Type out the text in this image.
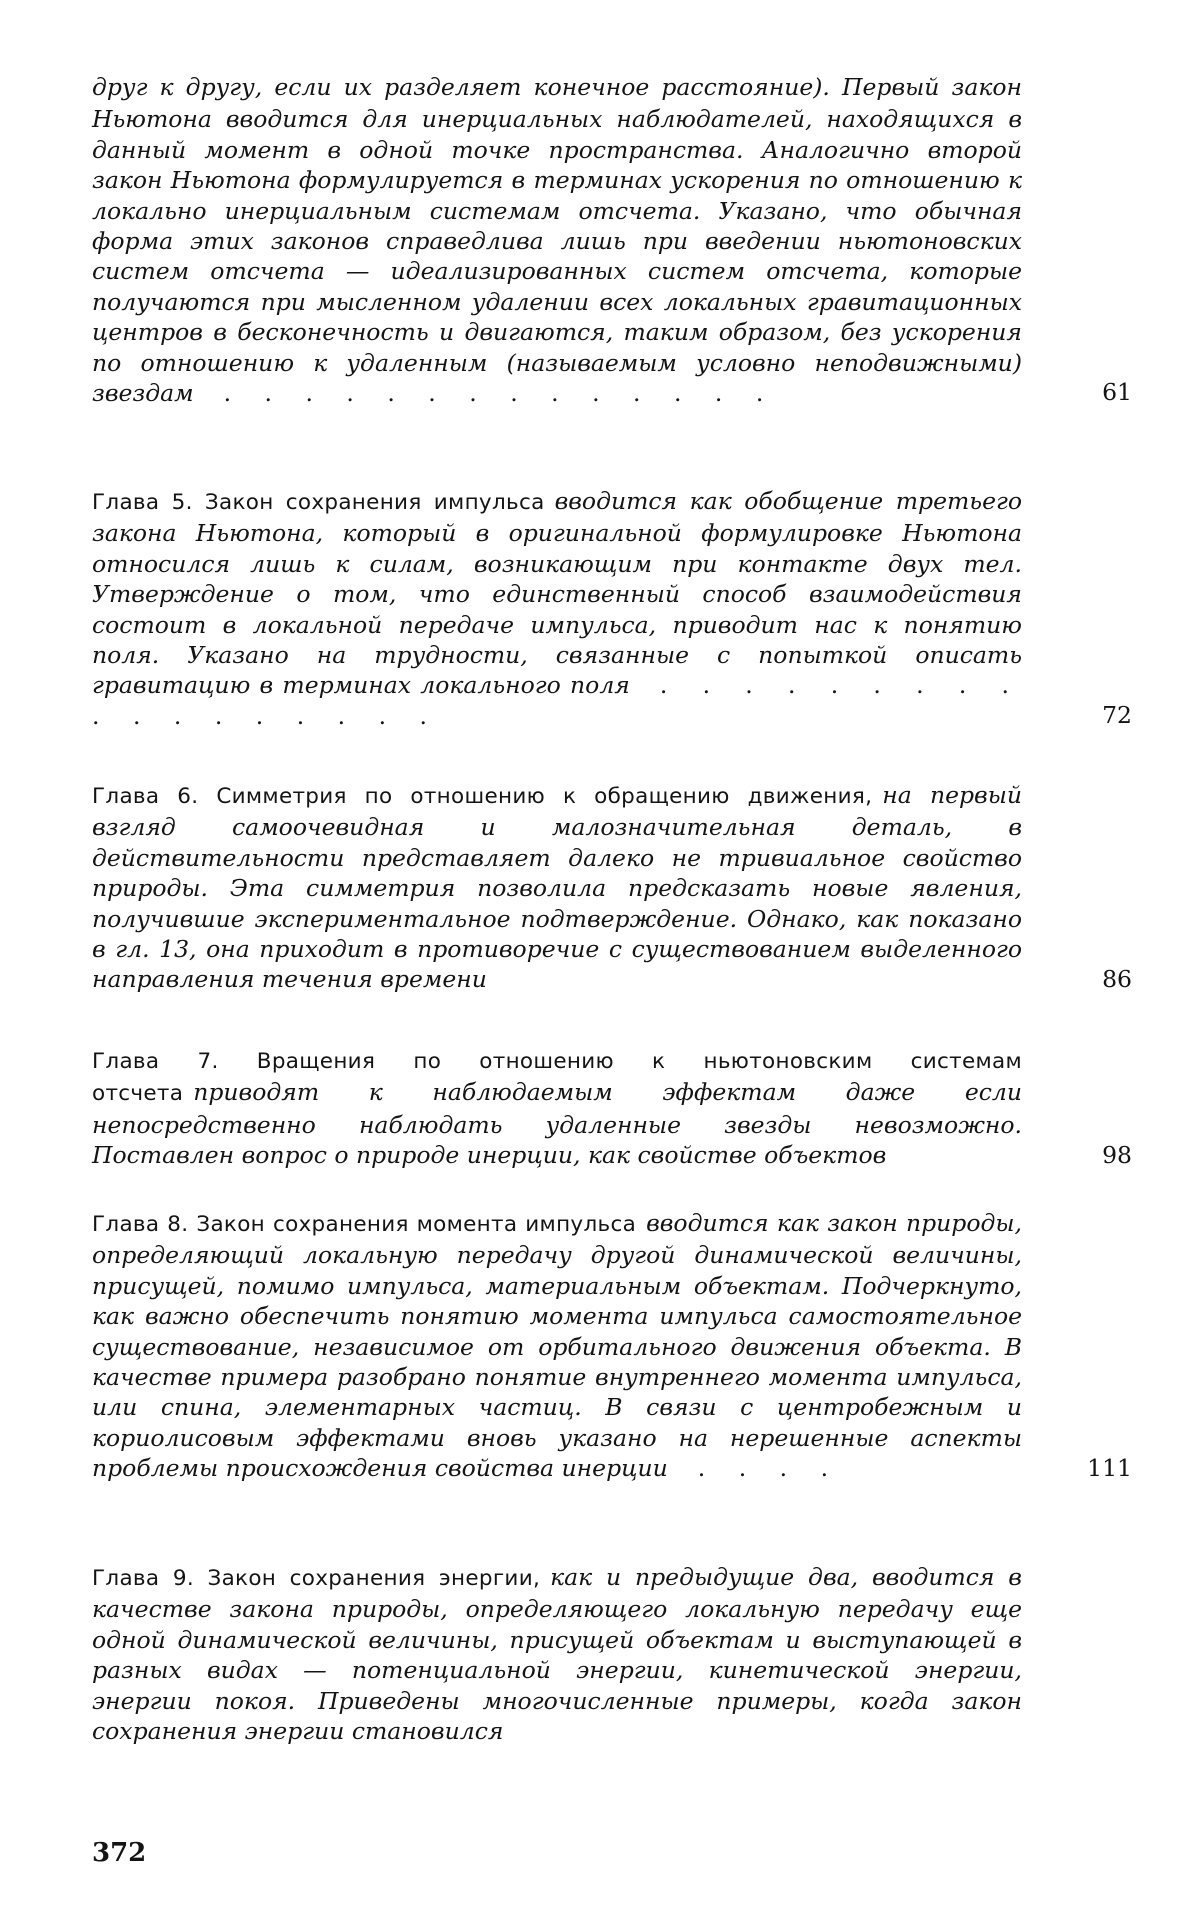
друг к другу, если их разделяет конечное расстояние). Первый закон Ньютона вводится для инерциальных наблюдателей, находящихся в данный момент в одной точке пространства. Аналогично второй закон Ньютона формулируется в терминах ускорения по отношению к локально инерциальным системам отсчета. Указано, что обычная форма этих законов справедлива лишь при введении ньютоновских систем отсчета — идеализированных систем отсчета, которые получаются при мысленном удалении всех локальных гравитационных центров в бесконечность и двигаются, таким образом, без ускорения по отношению к удаленным (называемым условно неподвижными) звездам . . . . . . . . . . . . . .	61
Глава 5. Закон сохранения импульса вводится как обобщение третьего закона Ньютона, который в оригинальной формулировке Ньютона относился лишь к силам, возникающим при контакте двух тел. Утверждение о том, что единственный способ взаимодействия состоит в локальной передаче импульса, приводит нас к понятию поля. Указано на трудности, связанные с попыткой описать гравитацию в терминах локального поля . . . . . . . . . . . . . . . . . .	72
Глава 6. Симметрия по отношению к обращению движения, на первый взгляд самоочевидная и малозначительная деталь, в действительности представляет далеко не тривиальное свойство природы. Эта симметрия позволила предсказать новые явления, получившие экспериментальное подтверждение. Однако, как показано в гл. 13, она приходит в противоречие с существованием выделенного направления течения времени	86
Глава 7. Вращения по отношению к ньютоновским системам отсчета приводят к наблюдаемым эффектам даже если непосредственно наблюдать удаленные звезды невозможно. Поставлен вопрос о природе инерции, как свойстве объектов	98
Глава 8. Закон сохранения момента импульса вводится как закон природы, определяющий локальную передачу другой динамической величины, присущей, помимо импульса, материальным объектам. Подчеркнуто, как важно обеспечить понятию момента импульса самостоятельное существование, независимое от орбитального движения объекта. В качестве примера разобрано понятие внутреннего момента импульса, или спина, элементарных частиц. В связи с центробежным и кориолисовым эффектами вновь указано на нерешенные аспекты проблемы происхождения свойства инерции . . . .	111
Глава 9. Закон сохранения энергии, как и предыдущие два, вводится в качестве закона природы, определяющего локальную передачу еще одной динамической величины, присущей объектам и выступающей в разных видах — потенциальной энергии, кинетической энергии, энергии покоя. Приведены многочисленные примеры, когда закон сохранения энергии становился
372
